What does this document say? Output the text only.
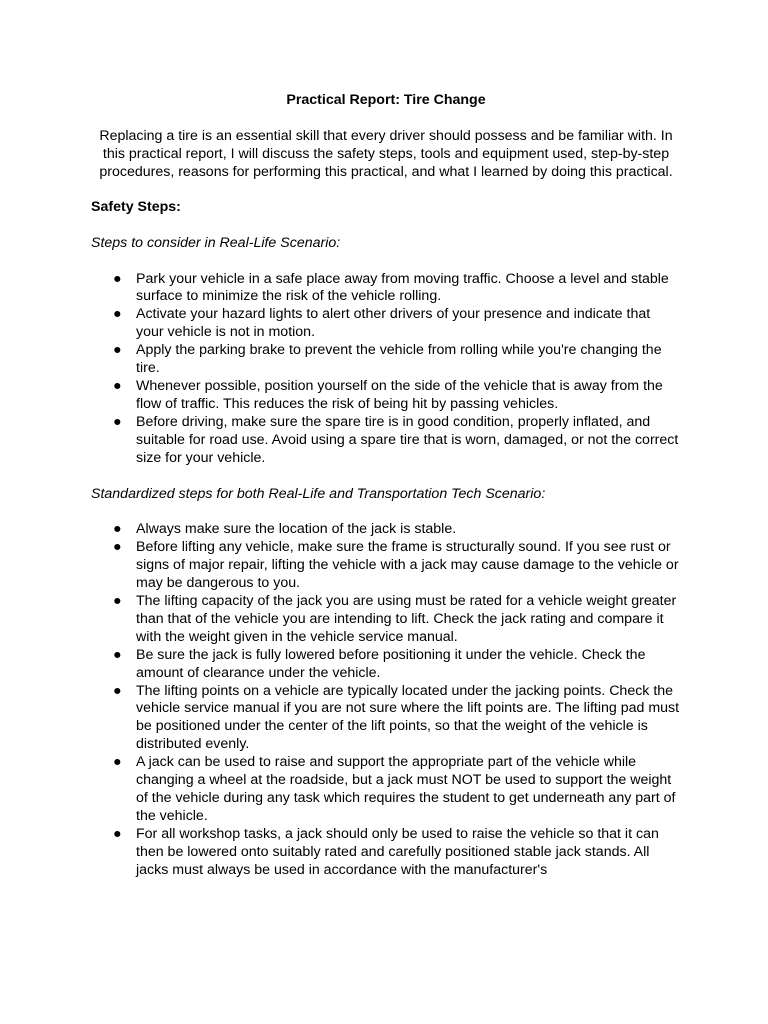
Practical Report: Tire Change

Replacing a tire is an essential skill that every driver should possess and be familiar with. In this practical report, I will discuss the safety steps, tools and equipment used, step-by-step procedures, reasons for performing this practical, and what I learned by doing this practical.

Safety Steps:

Steps to consider in Real-Life Scenario:

● Park your vehicle in a safe place away from moving traffic. Choose a level and stable surface to minimize the risk of the vehicle rolling.
● Activate your hazard lights to alert other drivers of your presence and indicate that your vehicle is not in motion.
● Apply the parking brake to prevent the vehicle from rolling while you're changing the tire.
● Whenever possible, position yourself on the side of the vehicle that is away from the flow of traffic. This reduces the risk of being hit by passing vehicles.
● Before driving, make sure the spare tire is in good condition, properly inflated, and suitable for road use. Avoid using a spare tire that is worn, damaged, or not the correct size for your vehicle.

Standardized steps for both Real-Life and Transportation Tech Scenario:

● Always make sure the location of the jack is stable.
● Before lifting any vehicle, make sure the frame is structurally sound. If you see rust or signs of major repair, lifting the vehicle with a jack may cause damage to the vehicle or may be dangerous to you.
● The lifting capacity of the jack you are using must be rated for a vehicle weight greater than that of the vehicle you are intending to lift. Check the jack rating and compare it with the weight given in the vehicle service manual.
● Be sure the jack is fully lowered before positioning it under the vehicle. Check the amount of clearance under the vehicle.
● The lifting points on a vehicle are typically located under the jacking points. Check the vehicle service manual if you are not sure where the lift points are. The lifting pad must be positioned under the center of the lift points, so that the weight of the vehicle is distributed evenly.
● A jack can be used to raise and support the appropriate part of the vehicle while changing a wheel at the roadside, but a jack must NOT be used to support the weight of the vehicle during any task which requires the student to get underneath any part of the vehicle.
● For all workshop tasks, a jack should only be used to raise the vehicle so that it can then be lowered onto suitably rated and carefully positioned stable jack stands. All jacks must always be used in accordance with the manufacturer's
